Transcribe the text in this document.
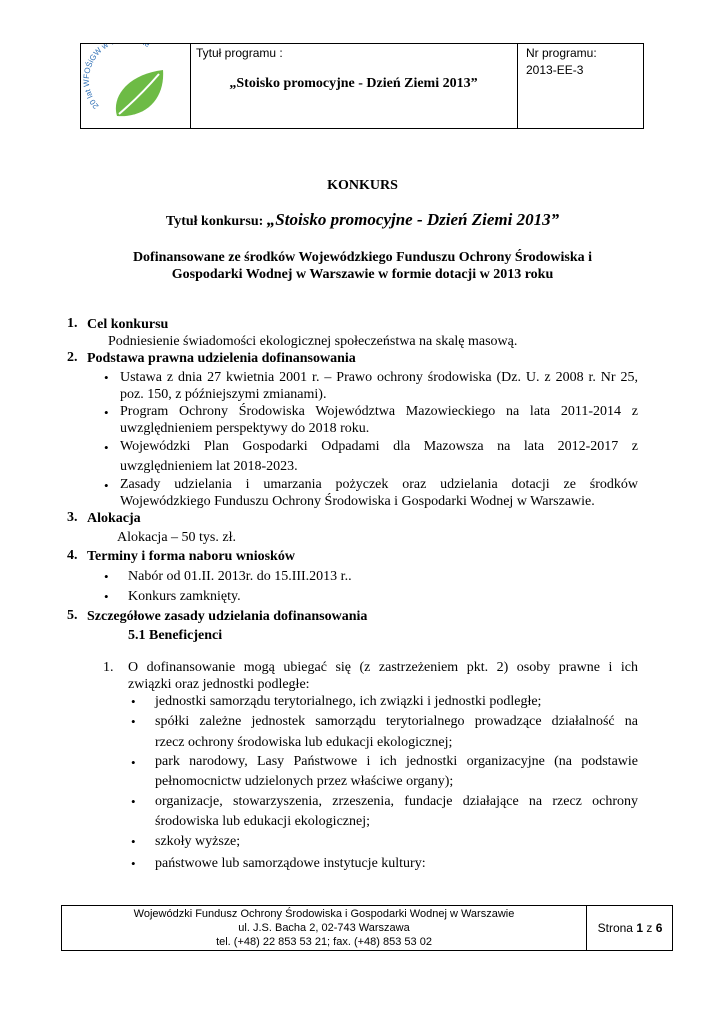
20 lat WFOŚiGW w e
Tytuł programu :
„Stoisko promocyjne - Dzień Ziemi 2013”
Nr programu:
2013-EE-3
KONKURS
Tytuł konkursu: „Stoisko promocyjne - Dzień Ziemi 2013”
Dofinansowane ze środków Wojewódzkiego Funduszu Ochrony Środowiska i
Gospodarki Wodnej w Warszawie w formie dotacji w 2013 roku
1. Cel konkursu
Podniesienie świadomości ekologicznej społeczeństwa na skalę masową.
2. Podstawa prawna udzielenia dofinansowania
• Ustawa z dnia 27 kwietnia 2001 r. – Prawo ochrony środowiska (Dz. U. z 2008 r. Nr 25,
poz. 150, z późniejszymi zmianami).
• Program Ochrony Środowiska Województwa Mazowieckiego na lata 2011-2014 z
uwzględnieniem perspektywy do 2018 roku.
• Wojewódzki Plan Gospodarki Odpadami dla Mazowsza na lata 2012-2017 z
uwzględnieniem lat 2018-2023.
• Zasady udzielania i umarzania pożyczek oraz udzielania dotacji ze środków
Wojewódzkiego Funduszu Ochrony Środowiska i Gospodarki Wodnej w Warszawie.
3. Alokacja
Alokacja – 50 tys. zł.
4. Terminy i forma naboru wniosków
• Nabór od 01.II. 2013r. do 15.III.2013 r..
• Konkurs zamknięty.
5. Szczegółowe zasady udzielania dofinansowania
5.1 Beneficjenci
1. O dofinansowanie mogą ubiegać się (z zastrzeżeniem pkt. 2) osoby prawne i ich
związki oraz jednostki podległe:
• jednostki samorządu terytorialnego, ich związki i jednostki podległe;
• spółki zależne jednostek samorządu terytorialnego prowadzące działalność na
rzecz ochrony środowiska lub edukacji ekologicznej;
• park narodowy, Lasy Państwowe i ich jednostki organizacyjne (na podstawie
pełnomocnictw udzielonych przez właściwe organy);
• organizacje, stowarzyszenia, zrzeszenia, fundacje działające na rzecz ochrony
środowiska lub edukacji ekologicznej;
• szkoły wyższe;
• państwowe lub samorządowe instytucje kultury:
Wojewódzki Fundusz Ochrony Środowiska i Gospodarki Wodnej w Warszawie
ul. J.S. Bacha 2, 02-743 Warszawa
tel. (+48) 22 853 53 21; fax. (+48) 853 53 02
Strona 1 z 6
